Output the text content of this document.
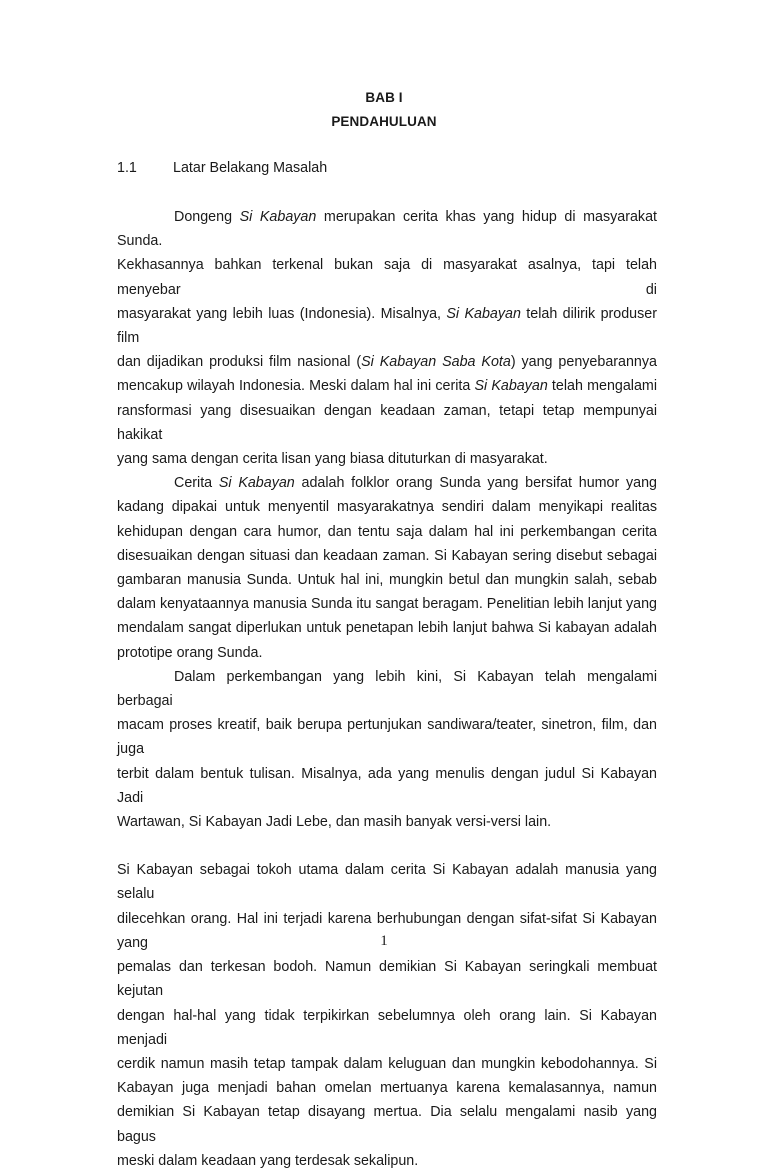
BAB I
PENDAHULUAN
1.1	Latar Belakang Masalah
Dongeng Si Kabayan merupakan cerita khas yang hidup di masyarakat Sunda.
Kekhasannya bahkan terkenal bukan saja di masyarakat asalnya, tapi telah menyebar di
masyarakat yang lebih luas (Indonesia). Misalnya, Si Kabayan telah dilirik produser film
dan dijadikan produksi film nasional (Si Kabayan Saba Kota) yang penyebarannya
mencakup wilayah Indonesia. Meski dalam hal ini cerita Si Kabayan telah mengalami
ransformasi yang disesuaikan dengan keadaan zaman, tetapi tetap mempunyai hakikat
yang sama dengan cerita lisan yang biasa dituturkan di masyarakat.
Cerita Si Kabayan adalah folklor orang Sunda yang bersifat humor yang
kadang dipakai untuk menyentil masyarakatnya sendiri dalam menyikapi realitas
kehidupan dengan cara humor, dan tentu saja dalam hal ini perkembangan cerita
disesuaikan dengan situasi dan keadaan zaman. Si Kabayan sering disebut sebagai
gambaran manusia Sunda. Untuk hal ini, mungkin betul dan mungkin salah, sebab
dalam kenyataannya manusia Sunda itu sangat beragam. Penelitian lebih lanjut yang
mendalam sangat diperlukan untuk penetapan lebih lanjut bahwa Si kabayan adalah
prototipe orang Sunda.
Dalam perkembangan yang lebih kini, Si Kabayan telah mengalami berbagai
macam proses kreatif, baik berupa pertunjukan sandiwara/teater, sinetron, film, dan juga
terbit dalam bentuk tulisan. Misalnya, ada yang menulis dengan judul Si Kabayan Jadi
Wartawan, Si Kabayan Jadi Lebe, dan masih banyak versi-versi lain.
Si Kabayan sebagai tokoh utama dalam cerita Si Kabayan adalah manusia yang selalu
dilecehkan orang. Hal ini terjadi karena berhubungan dengan sifat-sifat Si Kabayan yang
pemalas dan terkesan bodoh. Namun demikian Si Kabayan seringkali membuat kejutan
dengan hal-hal yang tidak terpikirkan sebelumnya oleh orang lain. Si Kabayan menjadi
cerdik namun masih tetap tampak dalam keluguan dan mungkin kebodohannya. Si
Kabayan juga menjadi bahan omelan mertuanya karena kemalasannya, namun
demikian Si Kabayan tetap disayang mertua. Dia selalu mengalami nasib yang bagus
meski dalam keadaan yang terdesak sekalipun.
1
